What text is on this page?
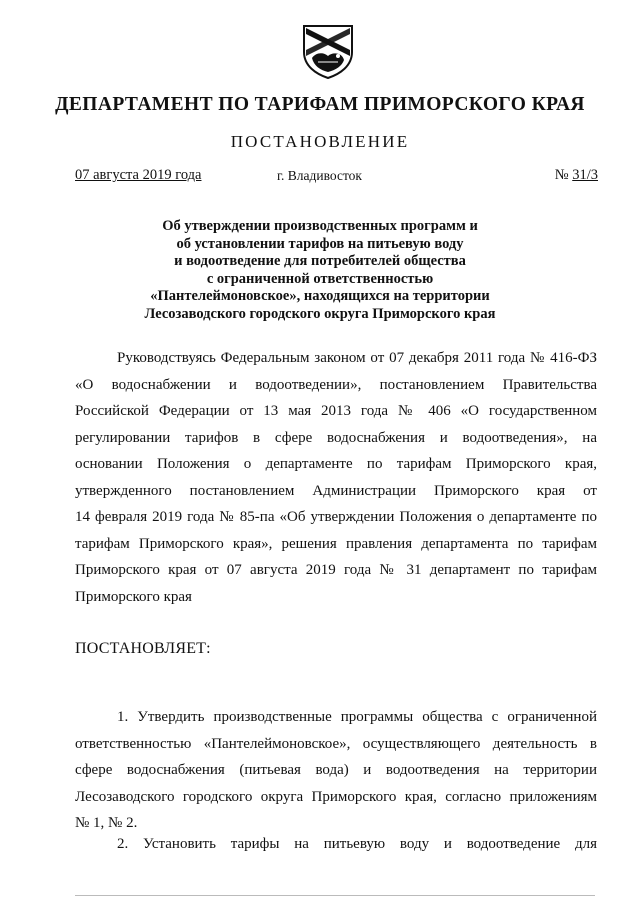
ДЕПАРТАМЕНТ ПО ТАРИФАМ ПРИМОРСКОГО КРАЯ
ПОСТАНОВЛЕНИЕ
07 августа 2019 года	г. Владивосток	№ 31/3
Об утверждении производственных программ и
об установлении тарифов на питьевую воду
и водоотведение для потребителей общества
с ограниченной ответственностью
«Пантелеймоновское», находящихся на территории
Лесозаводского городского округа Приморского края
Руководствуясь Федеральным законом от 07 декабря 2011 года № 416-ФЗ
«О водоснабжении и водоотведении», постановлением Правительства
Российской Федерации от 13 мая 2013 года № 406 «О государственном
регулировании тарифов в сфере водоснабжения и водоотведения», на
основании Положения о департаменте по тарифам Приморского края,
утвержденного постановлением Администрации Приморского края от
14 февраля 2019 года № 85-па «Об утверждении Положения о департаменте по
тарифам Приморского края», решения правления департамента по тарифам
Приморского края от 07 августа 2019 года № 31 департамент по тарифам
Приморского края
ПОСТАНОВЛЯЕТ:
1. Утвердить производственные программы общества с ограниченной
ответственностью «Пантелеймоновское», осуществляющего деятельность в
сфере водоснабжения (питьевая вода) и водоотведения на территории
Лесозаводского городского округа Приморского края, согласно приложениям
№ 1, № 2.
2. Установить тарифы на питьевую воду и водоотведение для
